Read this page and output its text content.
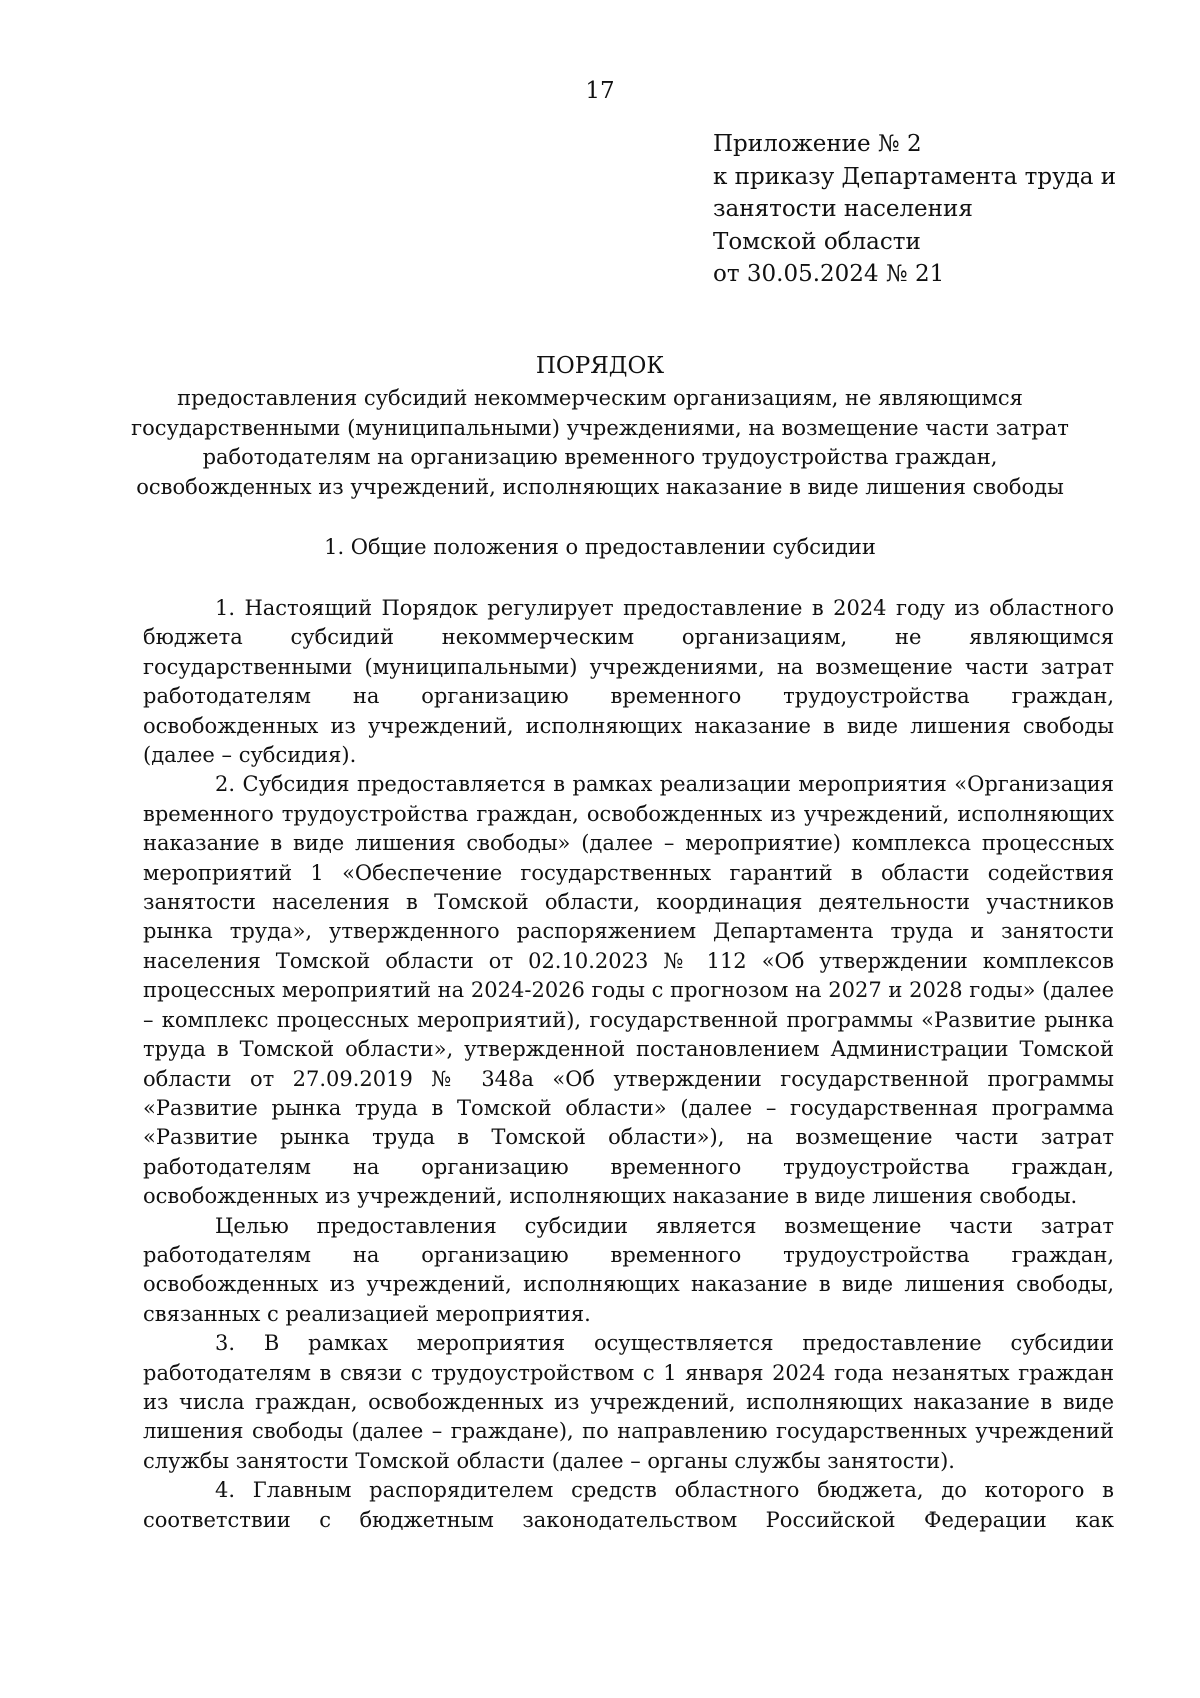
17
Приложение № 2
к приказу Департамента труда и
занятости населения
Томской области
от 30.05.2024 № 21
ПОРЯДОК
предоставления субсидий некоммерческим организациям, не являющимся
государственными (муниципальными) учреждениями, на возмещение части затрат
работодателям на организацию временного трудоустройства граждан,
освобожденных из учреждений, исполняющих наказание в виде лишения свободы
1. Общие положения о предоставлении субсидии

1. Настоящий Порядок регулирует предоставление в 2024 году из областного бюджета субсидий некоммерческим организациям, не являющимся государственными (муниципальными) учреждениями, на возмещение части затрат работодателям на организацию временного трудоустройства граждан, освобожденных из учреждений, исполняющих наказание в виде лишения свободы (далее – субсидия).

2. Субсидия предоставляется в рамках реализации мероприятия «Организация временного трудоустройства граждан, освобожденных из учреждений, исполняющих наказание в виде лишения свободы» (далее – мероприятие) комплекса процессных мероприятий 1 «Обеспечение государственных гарантий в области содействия занятости населения в Томской области, координация деятельности участников рынка труда», утвержденного распоряжением Департамента труда и занятости населения Томской области от 02.10.2023 № 112 «Об утверждении комплексов процессных мероприятий на 2024-2026 годы с прогнозом на 2027 и 2028 годы» (далее – комплекс процессных мероприятий), государственной программы «Развитие рынка труда в Томской области», утвержденной постановлением Администрации Томской области от 27.09.2019 № 348а «Об утверждении государственной программы «Развитие рынка труда в Томской области» (далее – государственная программа «Развитие рынка труда в Томской области»), на возмещение части затрат работодателям на организацию временного трудоустройства граждан, освобожденных из учреждений, исполняющих наказание в виде лишения свободы.

Целью предоставления субсидии является возмещение части затрат работодателям на организацию временного трудоустройства граждан, освобожденных из учреждений, исполняющих наказание в виде лишения свободы, связанных с реализацией мероприятия.

3. В рамках мероприятия осуществляется предоставление субсидии работодателям в связи с трудоустройством с 1 января 2024 года незанятых граждан из числа граждан, освобожденных из учреждений, исполняющих наказание в виде лишения свободы (далее – граждане), по направлению государственных учреждений службы занятости Томской области (далее – органы службы занятости).

4. Главным распорядителем средств областного бюджета, до которого в соответствии с бюджетным законодательством Российской Федерации как
